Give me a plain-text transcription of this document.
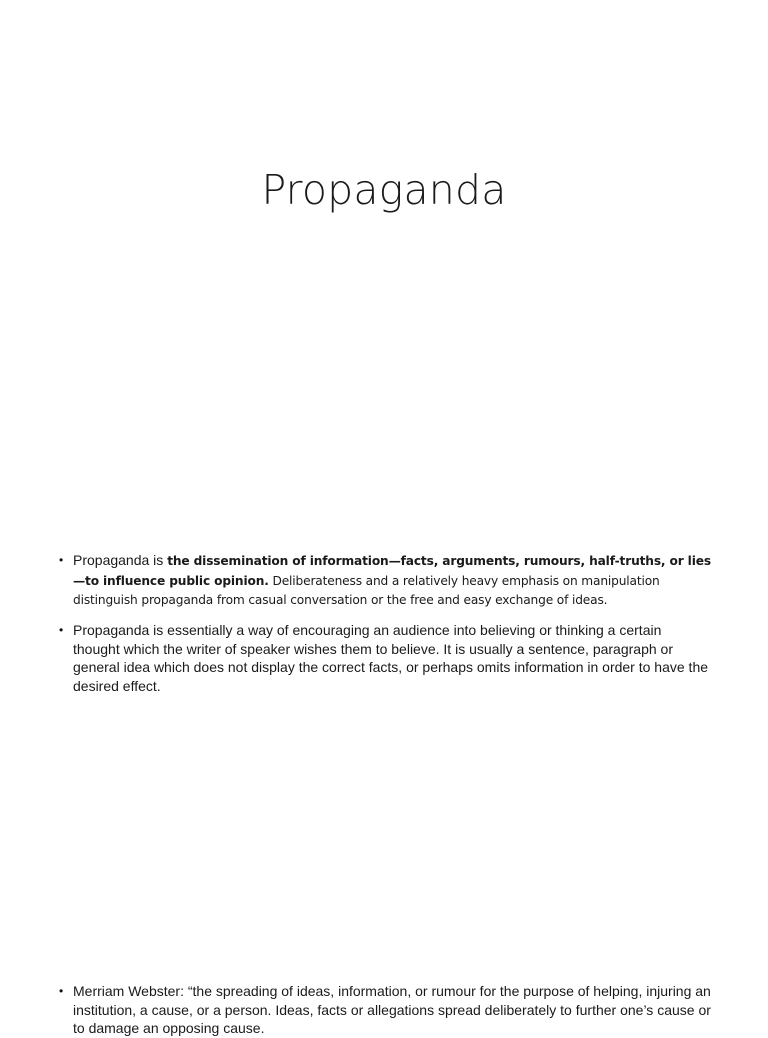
Propaganda
• Propaganda is the dissemination of information—facts, arguments, rumours, half-truths, or lies—to influence public opinion. Deliberateness and a relatively heavy emphasis on manipulation distinguish propaganda from casual conversation or the free and easy exchange of ideas.
• Propaganda is essentially a way of encouraging an audience into believing or thinking a certain thought which the writer of speaker wishes them to believe. It is usually a sentence, paragraph or general idea which does not display the correct facts, or perhaps omits information in order to have the desired effect.
• Merriam Webster: “the spreading of ideas, information, or rumour for the purpose of helping, injuring an institution, a cause, or a person. Ideas, facts or allegations spread deliberately to further one’s cause or to damage an opposing cause.
